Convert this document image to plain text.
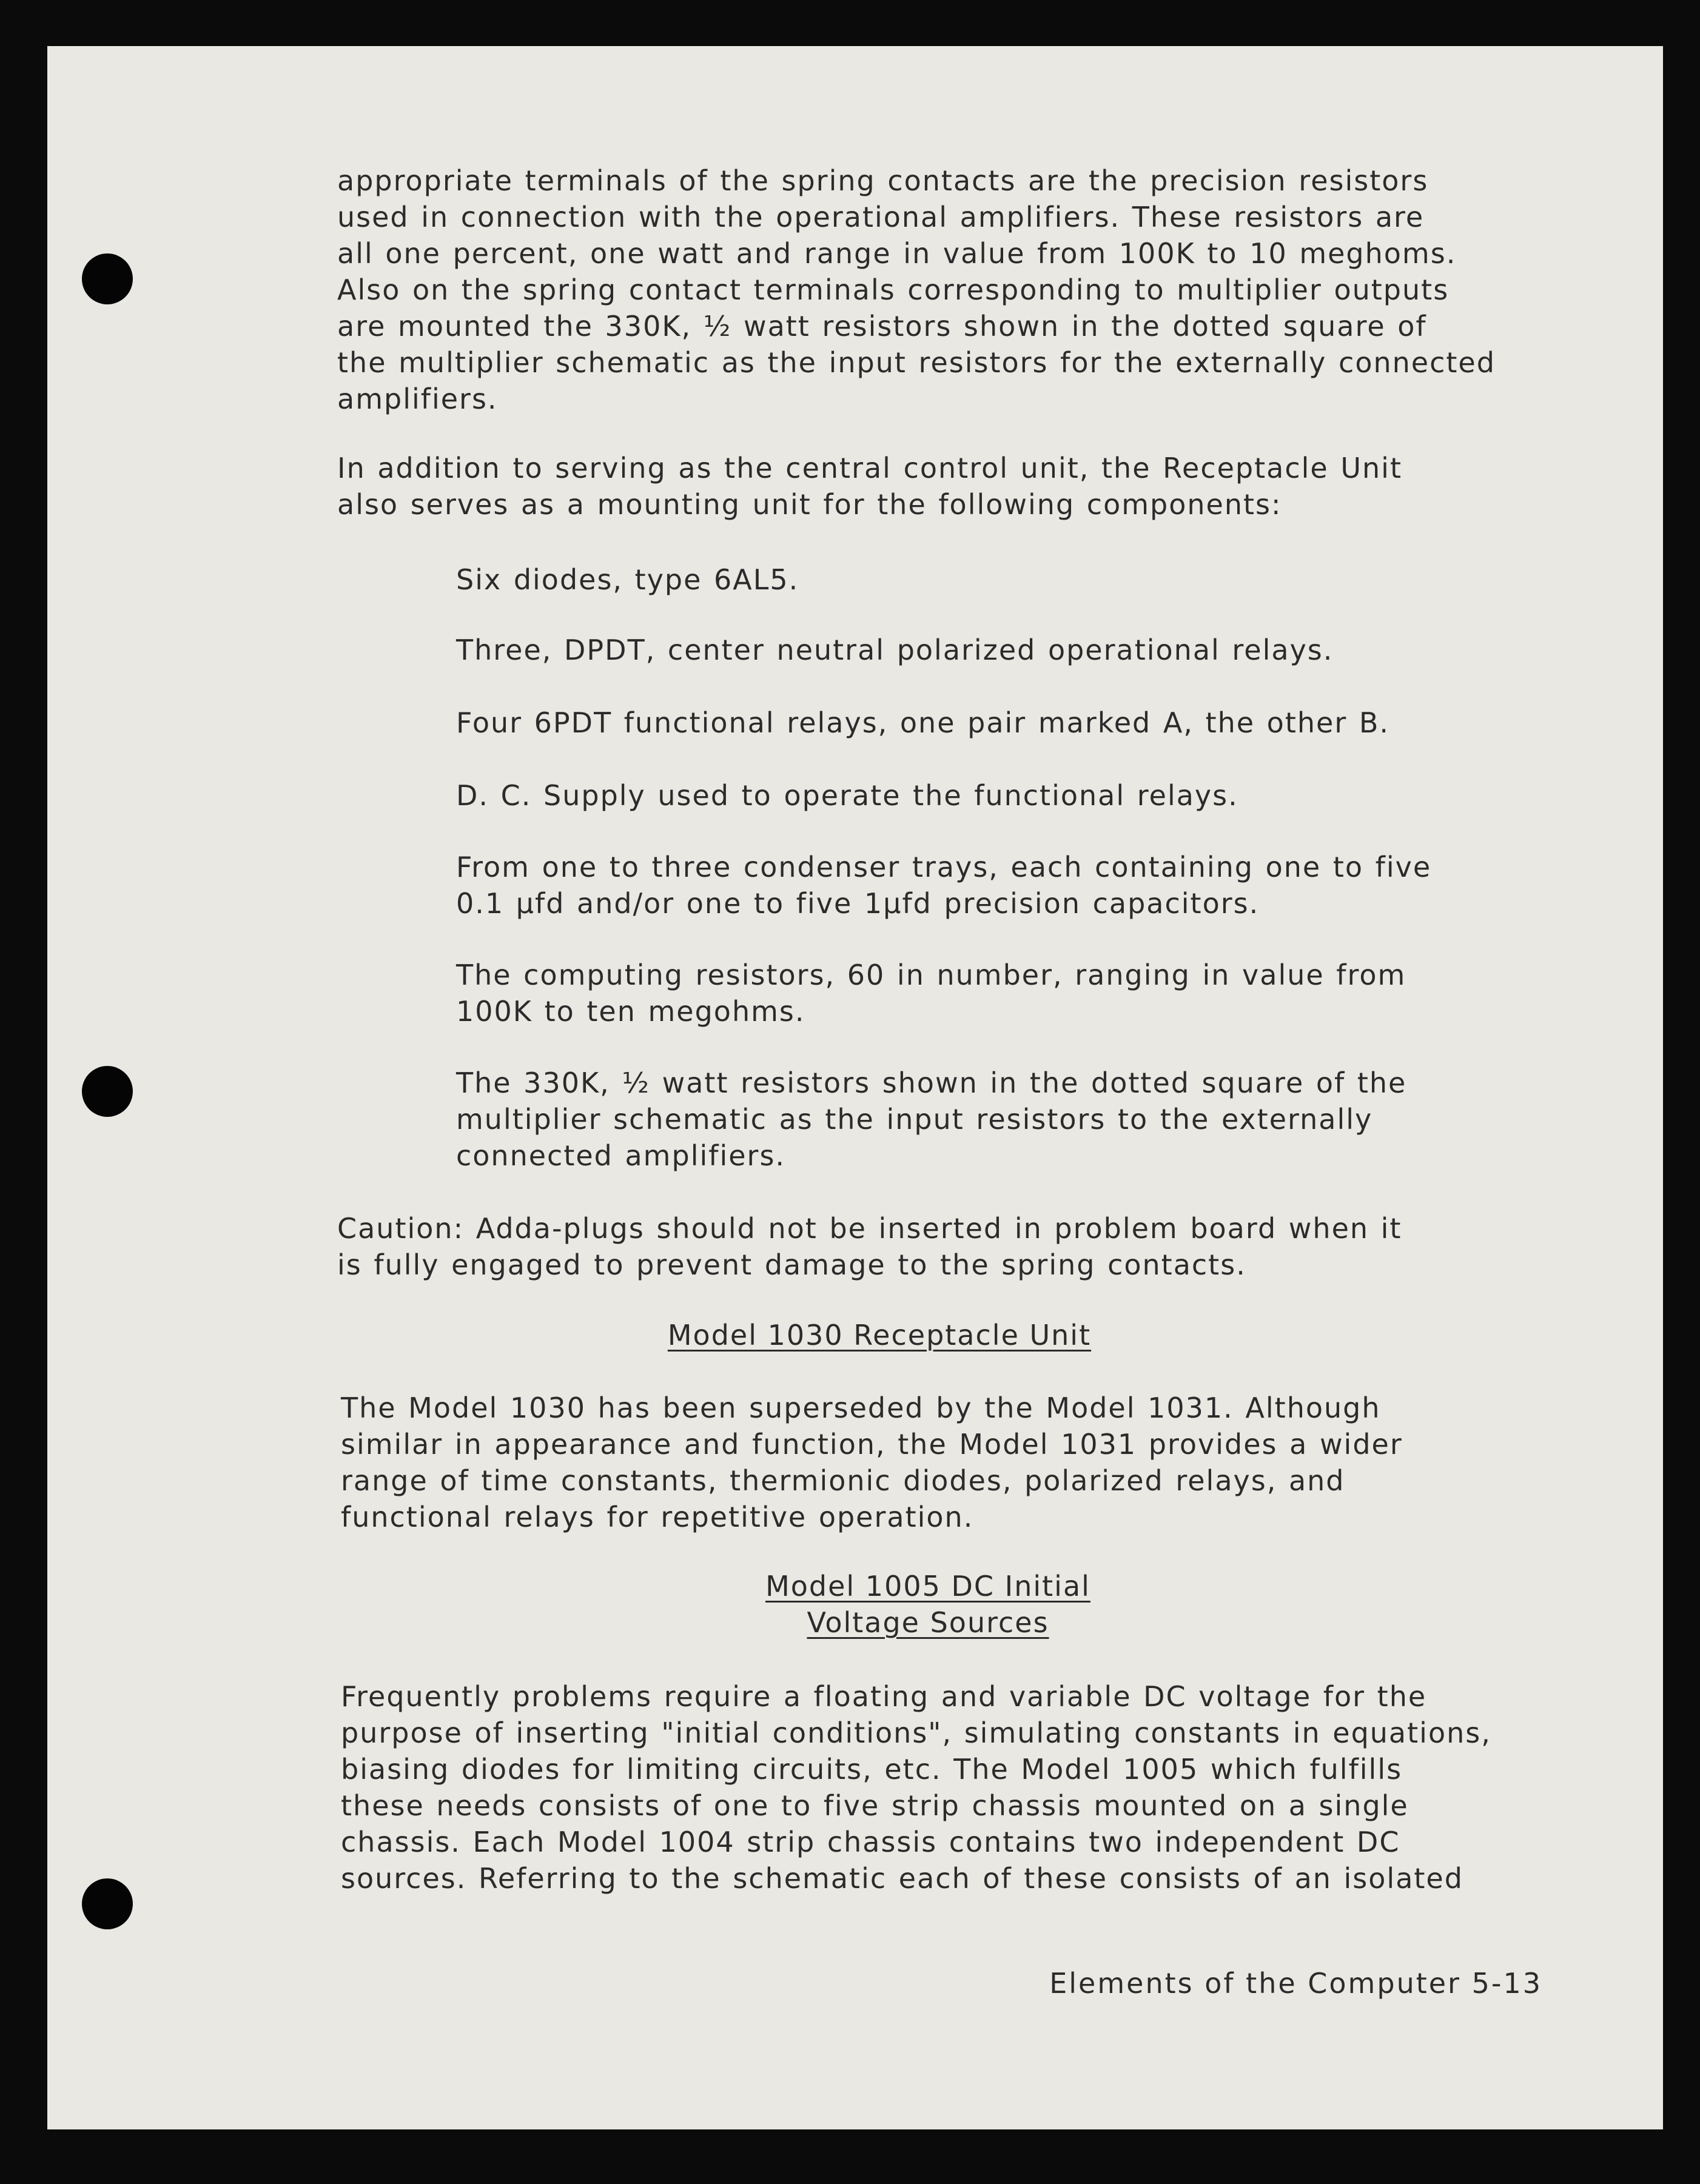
appropriate terminals of the spring contacts are the precision resistors

used in connection with the operational amplifiers. These resistors are

all one percent, one watt and range in value from 100K to 10 meghoms.

Also on the spring contact terminals corresponding to multiplier outputs

are mounted the 330K, ½ watt resistors shown in the dotted square of

the multiplier schematic as the input resistors for the externally connected

amplifiers.

In addition to serving as the central control unit, the Receptacle Unit

also serves as a mounting unit for the following components:

Six diodes, type 6AL5.

Three, DPDT, center neutral polarized operational relays.

Four 6PDT functional relays, one pair marked A, the other B.

D. C. Supply used to operate the functional relays.

From one to three condenser trays, each containing one to five

0.1 µfd and/or one to five 1µfd precision capacitors.

The computing resistors, 60 in number, ranging in value from

100K to ten megohms.

The 330K, ½ watt resistors shown in the dotted square of the

multiplier schematic as the input resistors to the externally

connected amplifiers.

Caution: Adda-plugs should not be inserted in problem board when it

is fully engaged to prevent damage to the spring contacts.

Model 1030 Receptacle Unit

The Model 1030 has been superseded by the Model 1031. Although

similar in appearance and function, the Model 1031 provides a wider

range of time constants, thermionic diodes, polarized relays, and

functional relays for repetitive operation.

Model 1005 DC Initial
Voltage Sources

Frequently problems require a floating and variable DC voltage for the

purpose of inserting "initial conditions", simulating constants in equations,

biasing diodes for limiting circuits, etc. The Model 1005 which fulfills

these needs consists of one to five strip chassis mounted on a single

chassis. Each Model 1004 strip chassis contains two independent DC

sources. Referring to the schematic each of these consists of an isolated

Elements of the Computer 5-13
